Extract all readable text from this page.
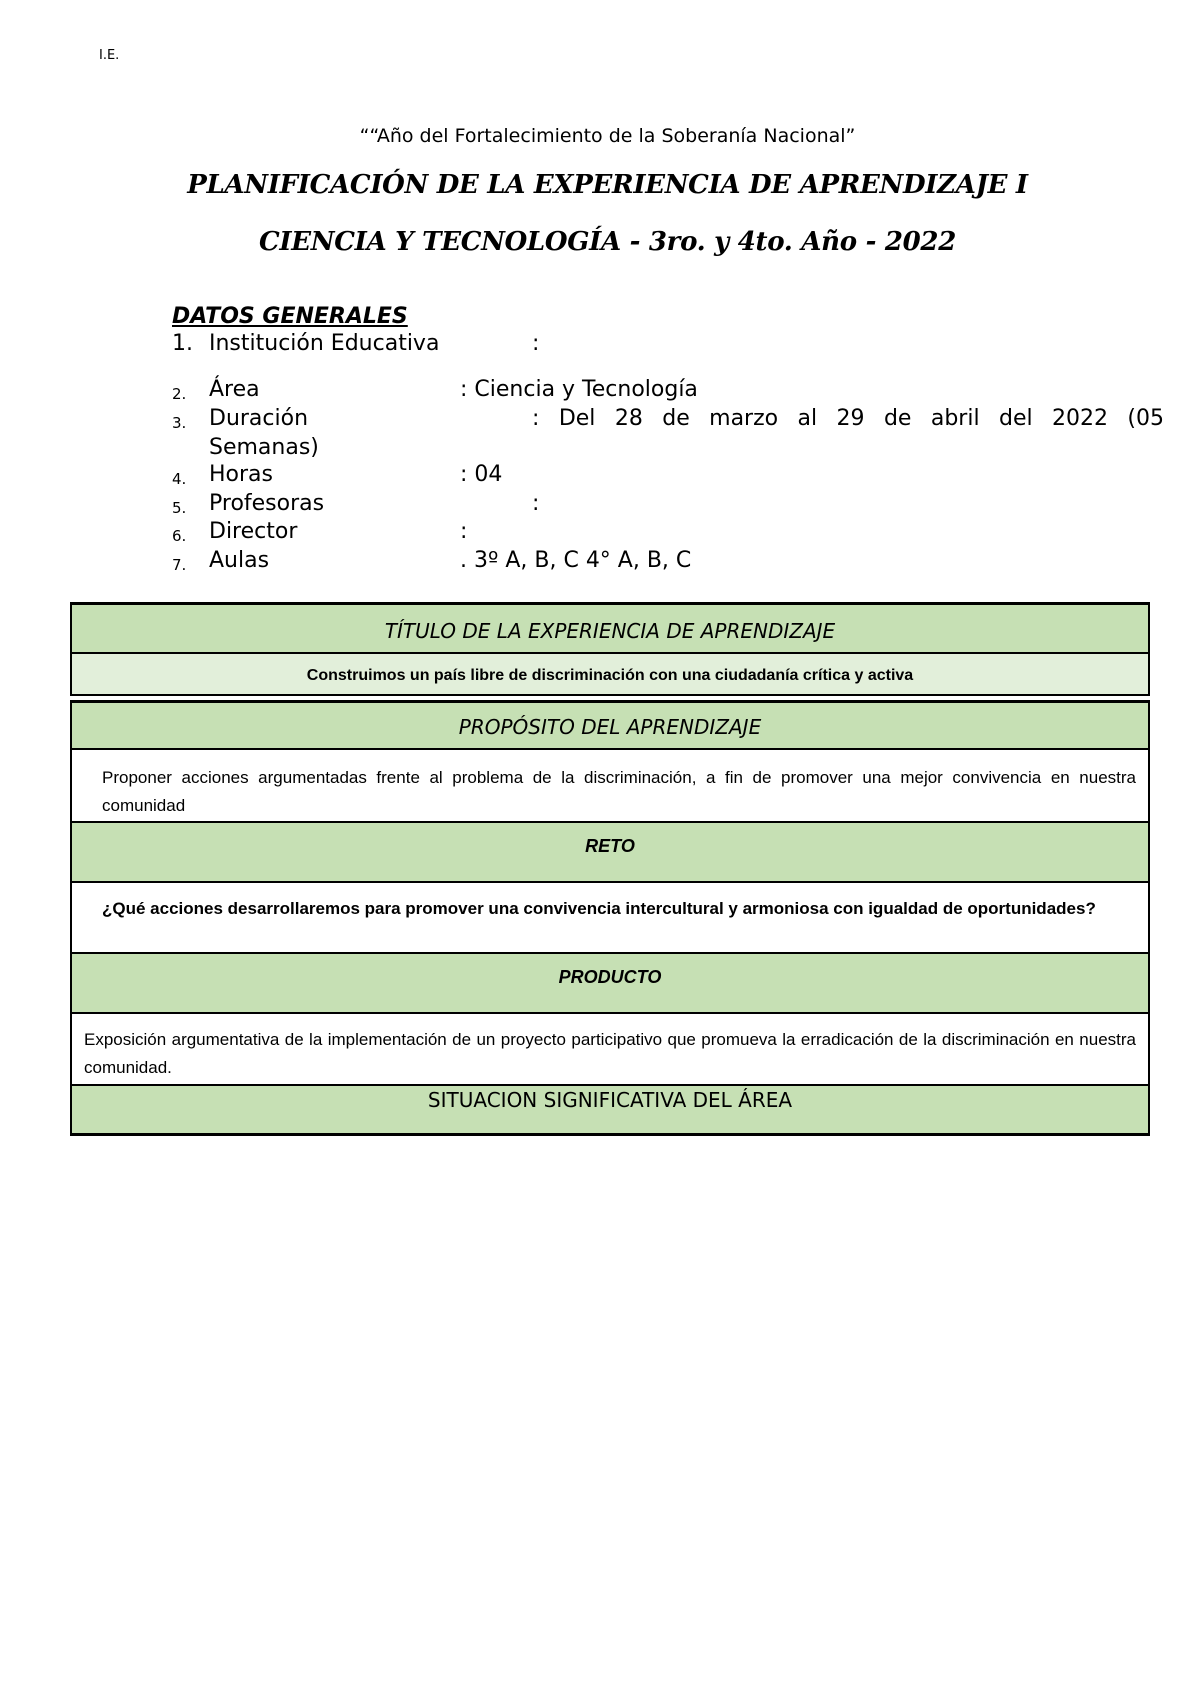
I.E.
““Año del Fortalecimiento de la Soberanía Nacional”
PLANIFICACIÓN DE LA EXPERIENCIA DE APRENDIZAJE I
CIENCIA Y TECNOLOGÍA - 3ro. y 4to. Año - 2022
DATOS GENERALES
1. Institución Educativa	:
2. Área	: Ciencia y Tecnología
3. Duración	: Del 28 de marzo al 29 de abril del 2022 (05
Semanas)
4. Horas	: 04
5. Profesoras	:
6. Director	:
7. Aulas	. 3º A, B, C 4° A, B, C
TÍTULO DE LA EXPERIENCIA DE APRENDIZAJE
Construimos un país libre de discriminación con una ciudadanía crítica y activa
PROPÓSITO DEL APRENDIZAJE
Proponer acciones argumentadas frente al problema de la discriminación, a fin de promover una mejor convivencia en nuestra comunidad
RETO
¿Qué acciones desarrollaremos para promover una convivencia intercultural y armoniosa con igualdad de oportunidades?
PRODUCTO
Exposición argumentativa de la implementación de un proyecto participativo que promueva la erradicación de la discriminación en nuestra comunidad.
SITUACION SIGNIFICATIVA DEL ÁREA
